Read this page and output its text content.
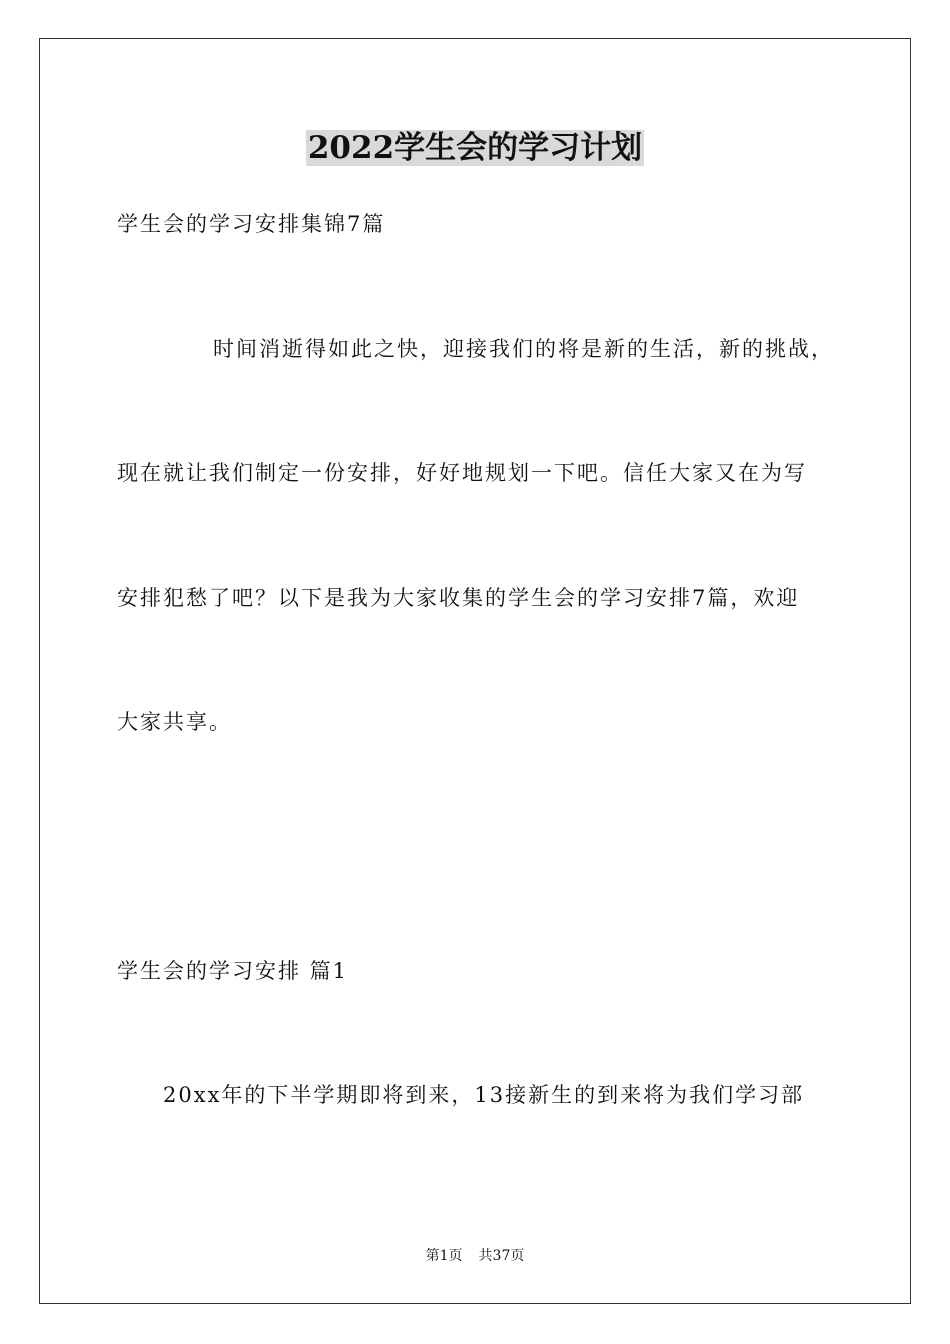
2022学生会的学习计划
学生会的学习安排集锦7篇
时间消逝得如此之快，迎接我们的将是新的生活，新的挑战，
现在就让我们制定一份安排，好好地规划一下吧。信任大家又在为写
安排犯愁了吧？以下是我为大家收集的学生会的学习安排7篇，欢迎
大家共享。
学生会的学习安排 篇1
20xx年的下半学期即将到来，13接新生的到来将为我们学习部
第1页 共37页
